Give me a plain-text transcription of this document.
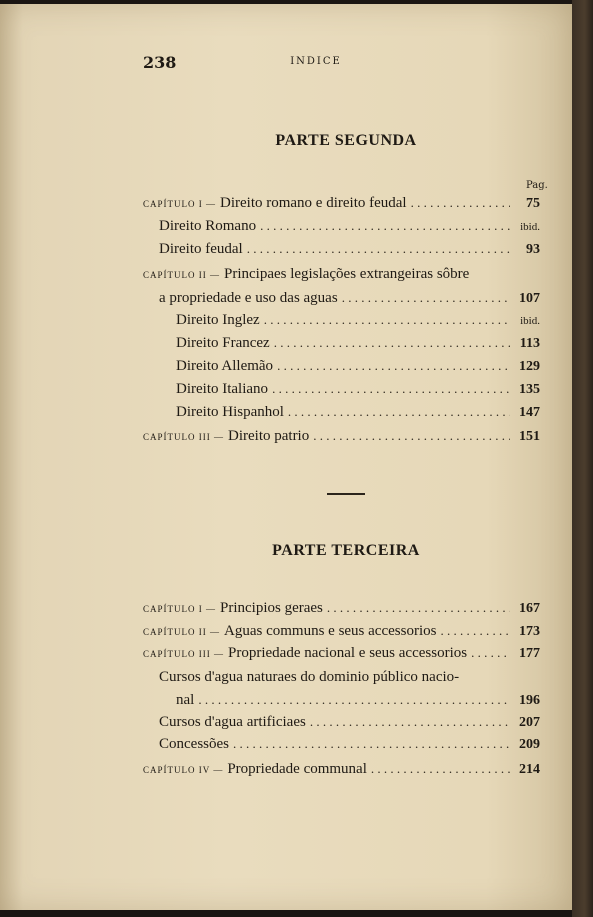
238	INDICE
PARTE SEGUNDA
Pag.
CAPÍTULO I — Direito romano e direito feudal . . .	75
Direito Romano . . .	ibid.
Direito feudal . . .	93
CAPÍTULO II — Principaes legislações extrangeiras sôbre
a propriedade e uso das aguas . . .	107
Direito Inglez . . .	ibid.
Direito Francez . . .	113
Direito Allemão . . .	129
Direito Italiano . . .	135
Direito Hispanhol . . .	147
CAPÍTULO III — Direito patrio . . .	151
PARTE TERCEIRA
CAPÍTULO I — Principios geraes . . .	167
CAPÍTULO II — Aguas communs e seus accessorios . . .	173
CAPÍTULO III — Propriedade nacional e seus accessorios . . .	177
Cursos d'agua naturaes do dominio público nacio-
nal . . .	196
Cursos d'agua artificiaes . . .	207
Concessões . . .	209
CAPÍTULO IV — Propriedade communal . . .	214
